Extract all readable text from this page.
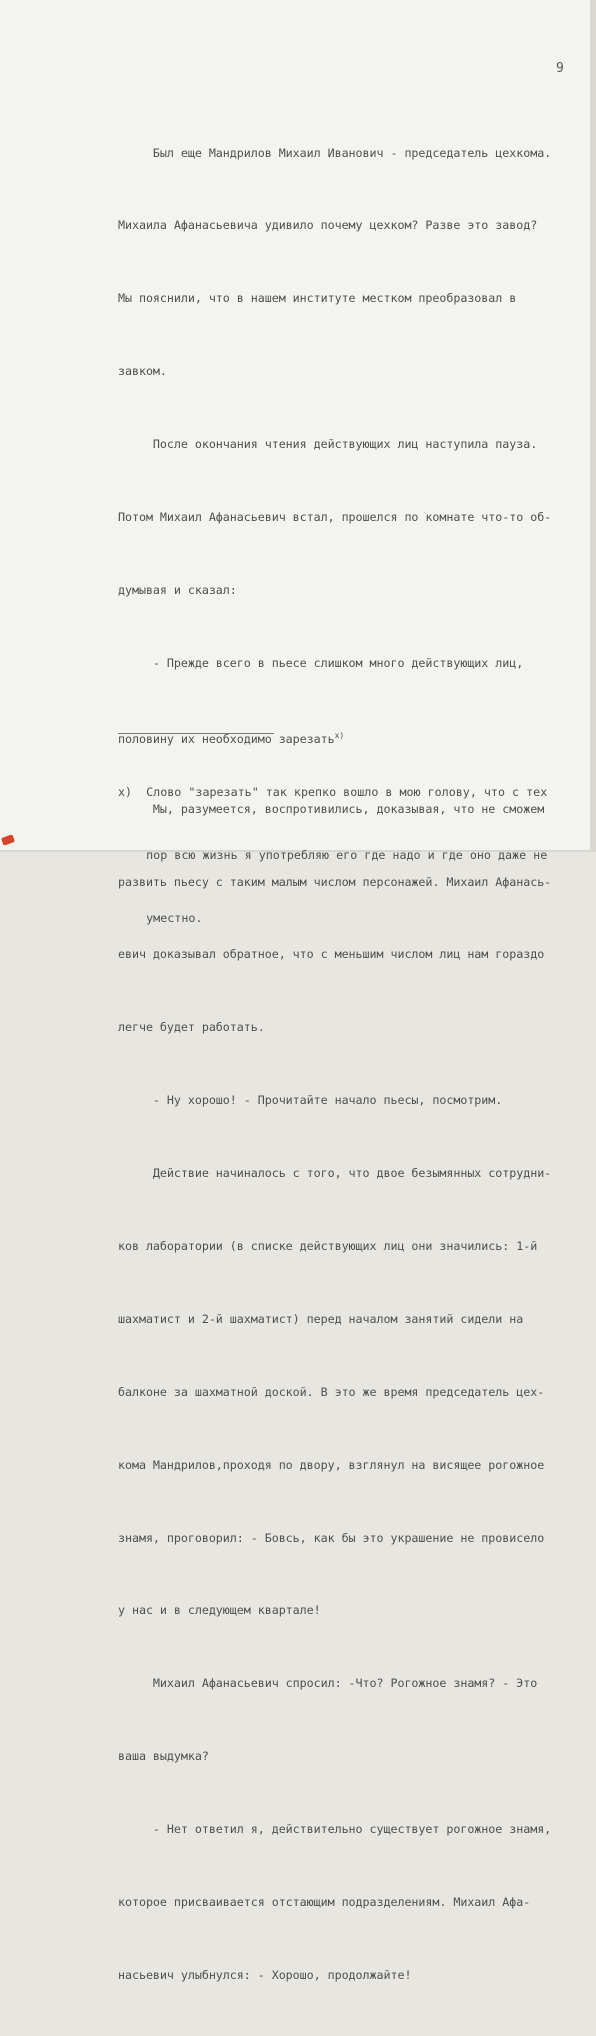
9

Был еще Мандрилов Михаил Иванович - председатель цехкома.

Михаила Афанасьевича удивило почему цехком? Разве это завод?

Мы пояснили, что в нашем институте местком преобразовал в

завком.

После окончания чтения действующих лиц наступила пауза.

Потом Михаил Афанасьевич встал, прошелся по комнате что-то об-

думывая и сказал:

- Прежде всего в пьесе слишком много действующих лиц,

половину их необходимо зарезать$^{х)}$

Мы, разумеется, воспротивились, доказывая, что не сможем

развить пьесу с таким малым числом персонажей. Михаил Афанась-

евич доказывал обратное, что с меньшим числом лиц нам гораздо

легче будет работать.

- Ну хорошо! - Прочитайте начало пьесы, посмотрим.

Действие начиналось с того, что двое безымянных сотрудни-

ков лаборатории (в списке действующих лиц они значились: 1-й

шахматист и 2-й шахматист) перед началом занятий сидели на

балконе за шахматной доской. В это же время председатель цех-

кома Мандрилов,проходя по двору, взглянул на висящее рогожное

знамя, проговорил: - Бовсь, как бы это украшение не провисело

у нас и в следующем квартале!

Михаил Афанасьевич спросил: -Что? Рогожное знамя? - Это

ваша выдумка?

- Нет ответил я, действительно существует рогожное знамя,

которое присваивается отстающим подразделениям. Михаил Афа-

насьевич улыбнулся: - Хорошо, продолжайте!

х)  Слово "зарезать" так крепко вошло в мою голову, что с тех

пор всю жизнь я употребляю его где надо и где оно даже не

уместно.
